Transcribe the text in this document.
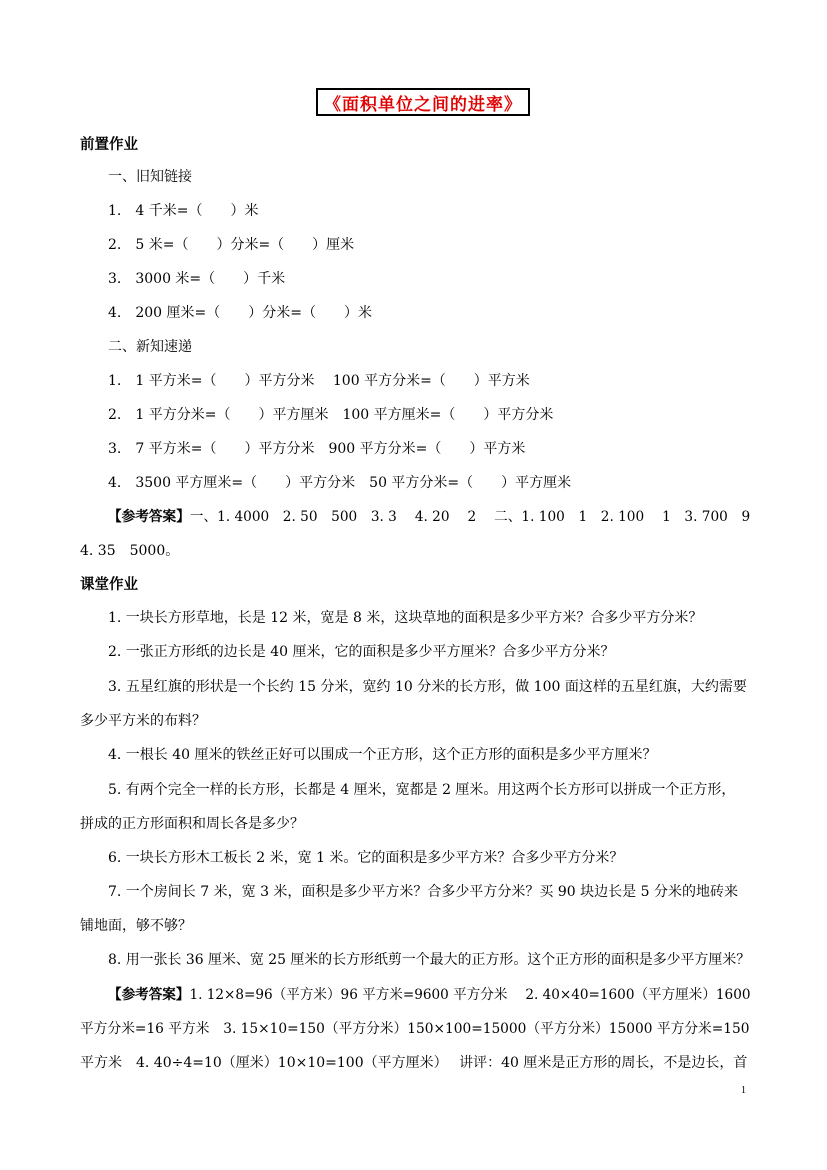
《面积单位之间的进率》
前置作业
一、旧知链接
1.　4 千米=（　　）米
2.　5 米=（　　）分米=（　　）厘米
3.　3000 米=（　　）千米
4.　200 厘米=（　　）分米=（　　）米
二、新知速递
1.　1 平方米=（　　）平方分米　 100 平方分米=（　　）平方米
2.　1 平方分米=（　　）平方厘米　100 平方厘米=（　　）平方分米
3.　7 平方米=（　　）平方分米　900 平方分米=（　　）平方米
4.　3500 平方厘米=（　　）平方分米　50 平方分米=（　　）平方厘米
【参考答案】一、1. 4000　2. 50　500　3. 3　 4. 20　 2　 二、1. 100　1　2. 100　 1　3. 700　9
4. 35　5000。
课堂作业
1. 一块长方形草地，长是 12 米，宽是 8 米，这块草地的面积是多少平方米？合多少平方分米？
2. 一张正方形纸的边长是 40 厘米，它的面积是多少平方厘米？合多少平方分米？
3. 五星红旗的形状是一个长约 15 分米，宽约 10 分米的长方形，做 100 面这样的五星红旗，大约需要
多少平方米的布料？
4. 一根长 40 厘米的铁丝正好可以围成一个正方形，这个正方形的面积是多少平方厘米？
5. 有两个完全一样的长方形，长都是 4 厘米，宽都是 2 厘米。用这两个长方形可以拼成一个正方形，
拼成的正方形面积和周长各是多少？
6. 一块长方形木工板长 2 米，宽 1 米。它的面积是多少平方米？合多少平方分米？
7. 一个房间长 7 米，宽 3 米，面积是多少平方米？合多少平方分米？买 90 块边长是 5 分米的地砖来
铺地面，够不够？
8. 用一张长 36 厘米、宽 25 厘米的长方形纸剪一个最大的正方形。这个正方形的面积是多少平方厘米？
【参考答案】1. 12×8=96（平方米）96 平方米=9600 平方分米　 2. 40×40=1600（平方厘米）1600
平方分米=16 平方米　3. 15×10=150（平方分米）150×100=15000（平方分米）15000 平方分米=150
平方米　4. 40÷4=10（厘米）10×10=100（平方厘米）　 讲评：40 厘米是正方形的周长，不是边长，首
1
